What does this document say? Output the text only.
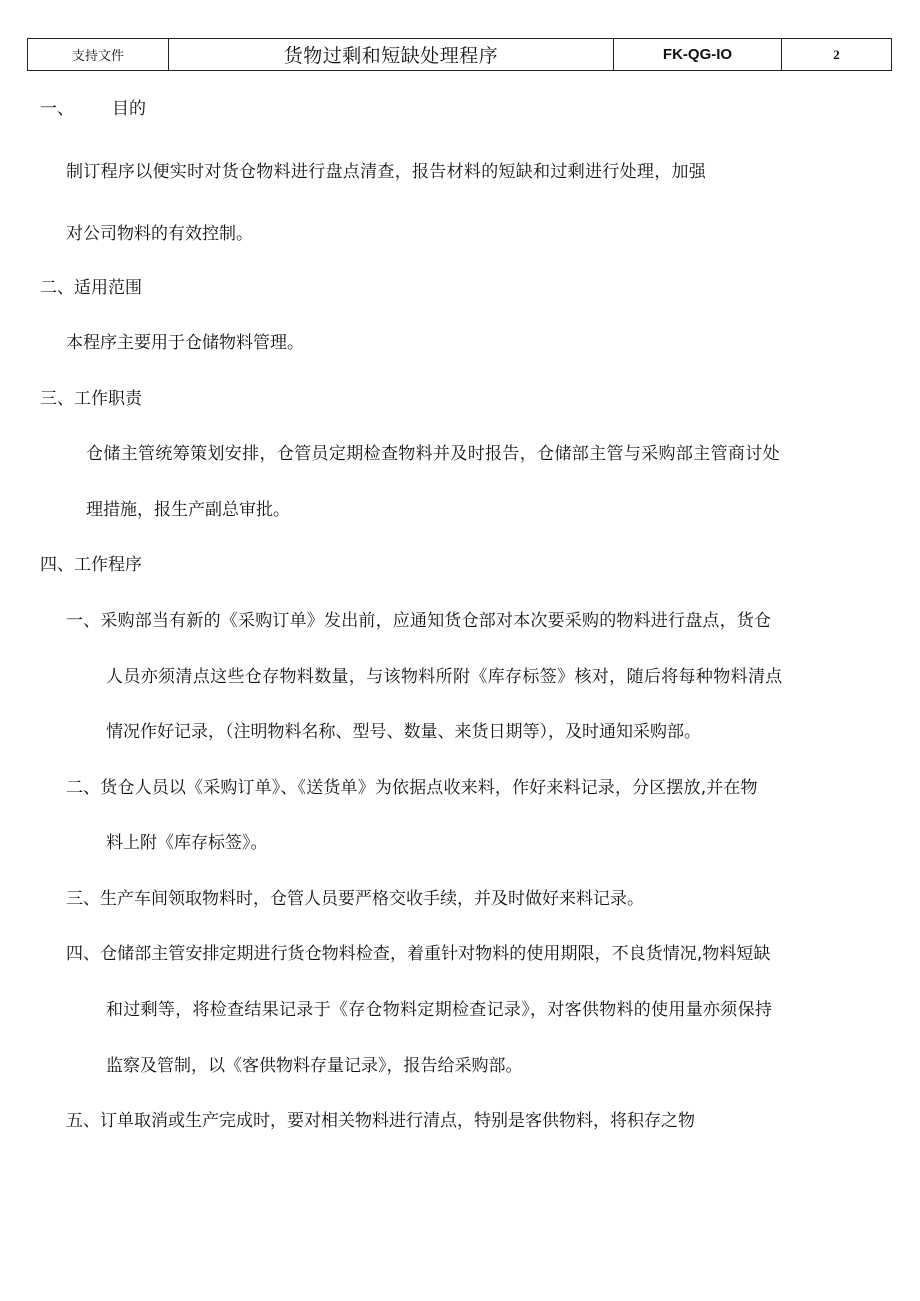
支持文件	货物过剩和短缺处理程序	FK-QG-IO	2
一、 目的
制订程序以便实时对货仓物料进行盘点清查，报告材料的短缺和过剩进行处理，加强
对公司物料的有效控制。
二、适用范围
本程序主要用于仓储物料管理。
三、工作职责
仓储主管统筹策划安排，仓管员定期检查物料并及时报告，仓储部主管与采购部主管商讨处
理措施，报生产副总审批。
四、工作程序
一、采购部当有新的《采购订单》发出前，应通知货仓部对本次要采购的物料进行盘点，货仓
人员亦须清点这些仓存物料数量，与该物料所附《库存标签》核对，随后将每种物料清点
情况作好记录，（注明物料名称、型号、数量、来货日期等），及时通知采购部。
二、货仓人员以《采购订单》、《送货单》为依据点收来料，作好来料记录，分区摆放,并在物
料上附《库存标签》。
三、生产车间领取物料时，仓管人员要严格交收手续，并及时做好来料记录。
四、仓储部主管安排定期进行货仓物料检查，着重针对物料的使用期限，不良货情况,物料短缺
和过剩等，将检查结果记录于《存仓物料定期检查记录》，对客供物料的使用量亦须保持
监察及管制，以《客供物料存量记录》，报告给采购部。
五、订单取消或生产完成时，要对相关物料进行清点，特别是客供物料，将积存之物
